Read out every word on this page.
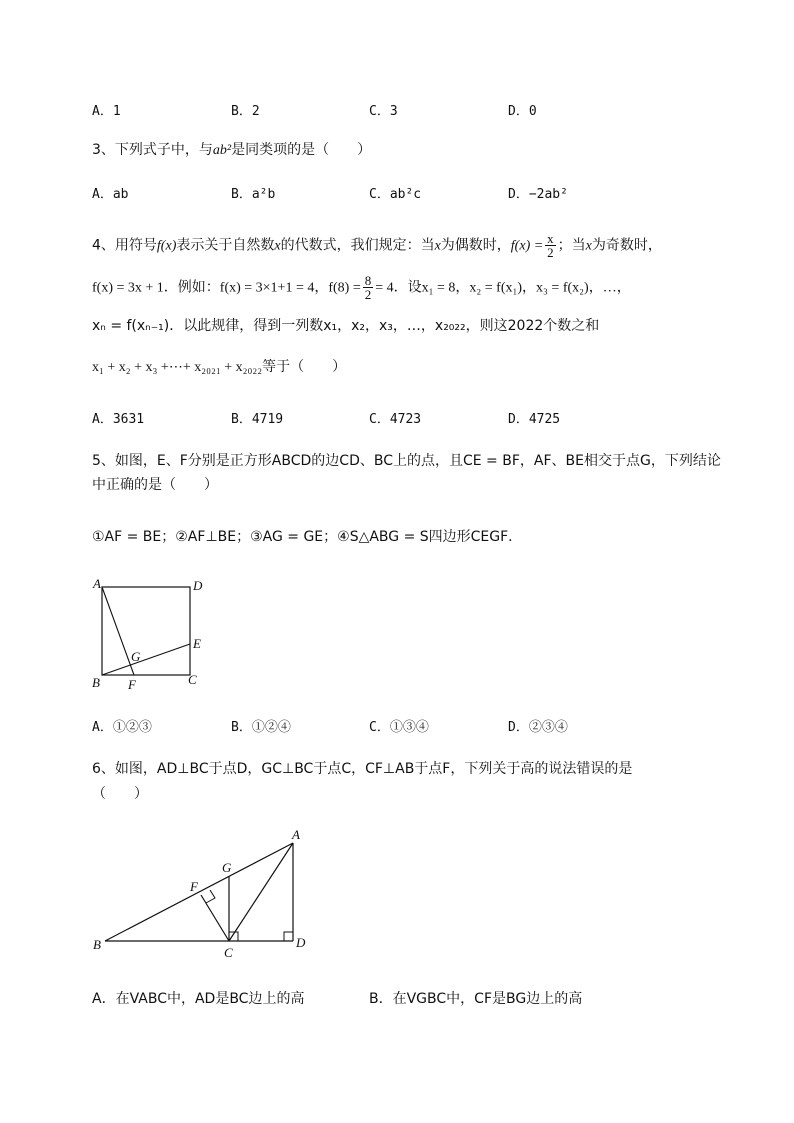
A．1	B．2	C．3	D．0
3、下列式子中，与ab²是同类项的是（　　）
A．ab	B．a²b	C．ab²c	D．−2ab²
4、用符号f(x)表示关于自然数x的代数式，我们规定：当x为偶数时，$f(x) = \frac{x}{2}$ ；当x为奇数时，
f(x) = 3x + 1．例如：f(x) = 3×1+1 = 4，$f(8) = \frac{8}{2} = 4$．设x₁ = 8，x₂ = f(x₁)，x₃ = f(x₂)，…，
xₙ = f(xₙ₋₁)．以此规律，得到一列数x₁，x₂，x₃，…，x₂₀₂₂，则这2022个数之和
x₁ + x₂ + x₃ +⋯+ x₂₀₂₁ + x₂₀₂₂等于（　　）
A．3631	B．4719	C．4723	D．4725
5、如图，E、F分别是正方形ABCD的边CD、BC上的点，且CE = BF，AF、BE相交于点G，下列结论
中正确的是（　　）
①AF = BE；②AF⊥BE；③AG = GE；④S△ABG = S四边形CEGF．
A	D
E
G
B F	C
A．①②③	B．①②④	C．①③④	D．②③④
6、如图，AD⊥BC于点D，GC⊥BC于点C，CF⊥AB于点F，下列关于高的说法错误的是
（　　）
A
G
F
B
C
D
A．在VABC中，AD是BC边上的高	B．在VGBC中，CF是BG边上的高
